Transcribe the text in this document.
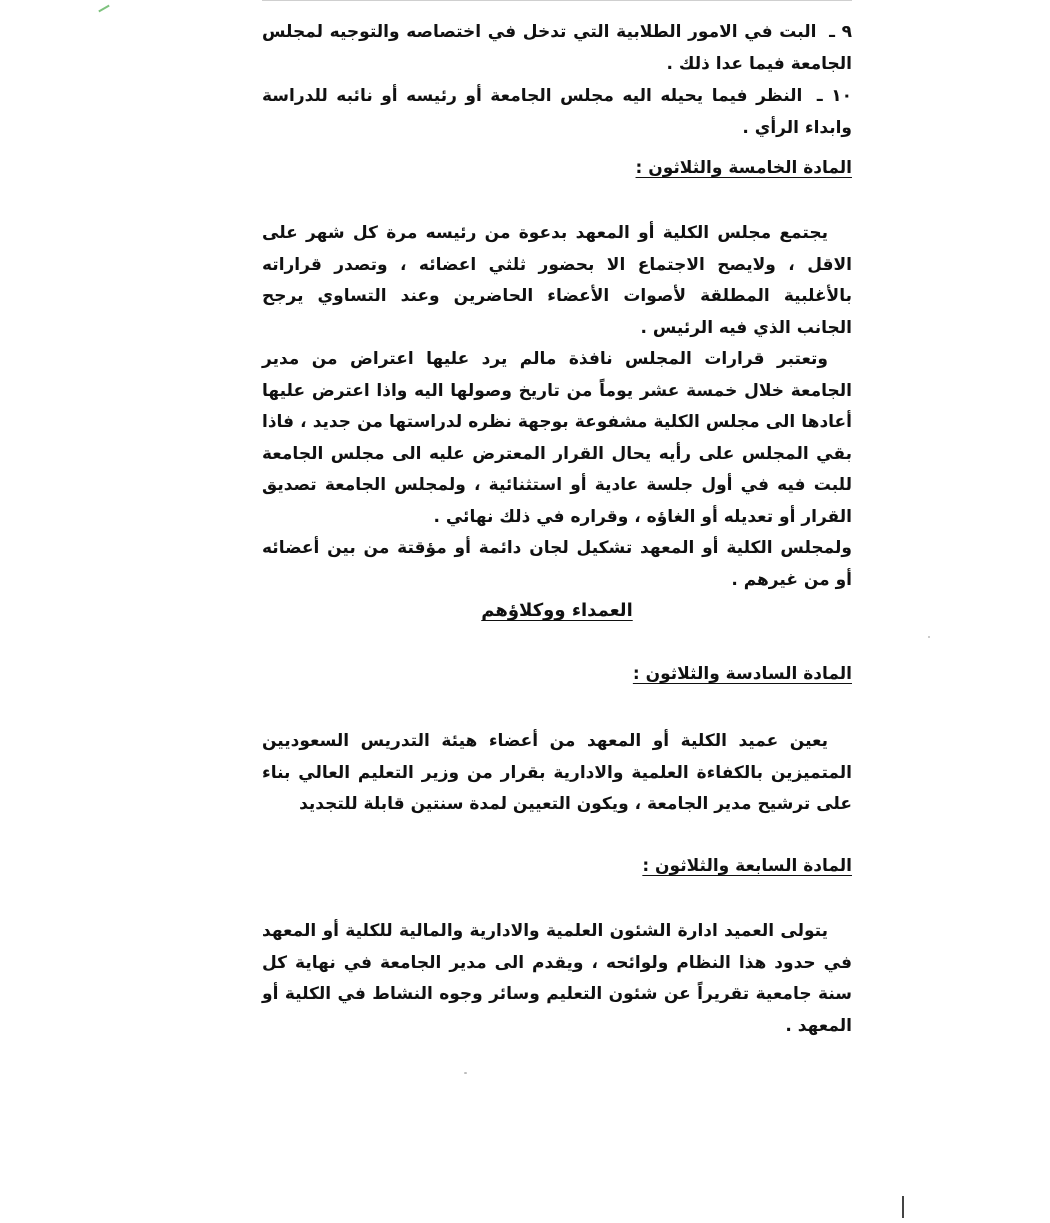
٩ ـ البت في الامور الطلابية التي تدخل في اختصاصه والتوجيه لمجلس الجامعة فيما عدا ذلك .

١٠ ـ النظر فيما يحيله اليه مجلس الجامعة أو رئيسه أو نائبه للدراسة وابداء الرأي .

المادة الخامسة والثلاثون :

يجتمع مجلس الكلية أو المعهد بدعوة من رئيسه مرة كل شهر على الاقل ، ولايصح الاجتماع الا بحضور ثلثي اعضائه ، وتصدر قراراته بالأغلبية المطلقة لأصوات الأعضاء الحاضرين وعند التساوي يرجح الجانب الذي فيه الرئيس .

وتعتبر قرارات المجلس نافذة مالم يرد عليها اعتراض من مدير الجامعة خلال خمسة عشر يوماً من تاريخ وصولها اليه واذا اعترض عليها أعادها الى مجلس الكلية مشفوعة بوجهة نظره لدراستها من جديد ، فاذا بقي المجلس على رأيه يحال القرار المعترض عليه الى مجلس الجامعة للبت فيه في أول جلسة عادية أو استثنائية ، ولمجلس الجامعة تصديق القرار أو تعديله أو الغاؤه ، وقراره في ذلك نهائي .

ولمجلس الكلية أو المعهد تشكيل لجان دائمة أو مؤقتة من بين أعضائه أو من غيرهم .

العمداء ووكلاؤهم
المادة السادسة والثلاثون :

يعين عميد الكلية أو المعهد من أعضاء هيئة التدريس السعوديين المتميزين بالكفاءة العلمية والادارية بقرار من وزير التعليم العالي بناء على ترشيح مدير الجامعة ، ويكون التعيين لمدة سنتين قابلة للتجديد

المادة السابعة والثلاثون :

يتولى العميد ادارة الشئون العلمية والادارية والمالية للكلية أو المعهد في حدود هذا النظام ولوائحه ، ويقدم الى مدير الجامعة في نهاية كل سنة جامعية تقريراً عن شئون التعليم وسائر وجوه النشاط في الكلية أو المعهد .
